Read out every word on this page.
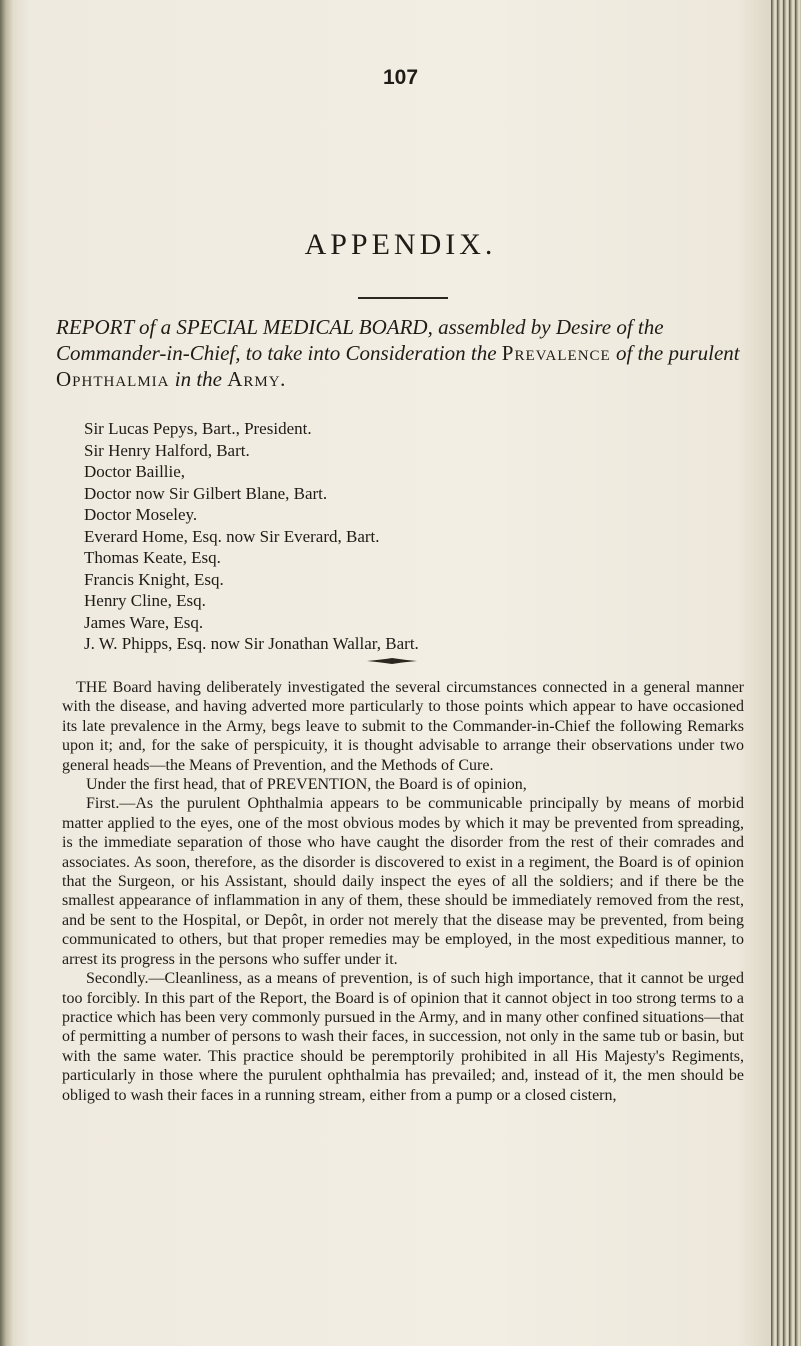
107
APPENDIX.
REPORT of a SPECIAL MEDICAL BOARD, assembled by Desire of the Commander-in-Chief, to take into Consideration the Prevalence of the purulent Ophthalmia in the Army.
Sir Lucas Pepys, Bart., President.
Sir Henry Halford, Bart.
Doctor Baillie,
Doctor now Sir Gilbert Blane, Bart.
Doctor Moseley.
Everard Home, Esq. now Sir Everard, Bart.
Thomas Keate, Esq.
Francis Knight, Esq.
Henry Cline, Esq.
James Ware, Esq.
J. W. Phipps, Esq. now Sir Jonathan Wallar, Bart.

THE Board having deliberately investigated the several circumstances connected in a general manner with the disease, and having adverted more particularly to those points which appear to have occasioned its late prevalence in the Army, begs leave to submit to the Commander-in-Chief the following Remarks upon it; and, for the sake of perspicuity, it is thought advisable to arrange their observations under two general heads—the Means of Prevention, and the Methods of Cure.

Under the first head, that of PREVENTION, the Board is of opinion,

First.—As the purulent Ophthalmia appears to be communicable principally by means of morbid matter applied to the eyes, one of the most obvious modes by which it may be prevented from spreading, is the immediate separation of those who have caught the disorder from the rest of their comrades and associates. As soon, therefore, as the disorder is discovered to exist in a regiment, the Board is of opinion that the Surgeon, or his Assistant, should daily inspect the eyes of all the soldiers; and if there be the smallest appearance of inflammation in any of them, these should be immediately removed from the rest, and be sent to the Hospital, or Depôt, in order not merely that the disease may be prevented, from being communicated to others, but that proper remedies may be employed, in the most expeditious manner, to arrest its progress in the persons who suffer under it.

Secondly.—Cleanliness, as a means of prevention, is of such high importance, that it cannot be urged too forcibly. In this part of the Report, the Board is of opinion that it cannot object in too strong terms to a practice which has been very commonly pursued in the Army, and in many other confined situations—that of permitting a number of persons to wash their faces, in succession, not only in the same tub or basin, but with the same water. This practice should be peremptorily prohibited in all His Majesty's Regiments, particularly in those where the purulent ophthalmia has prevailed; and, instead of it, the men should be obliged to wash their faces in a running stream, either from a pump or a closed cistern,
